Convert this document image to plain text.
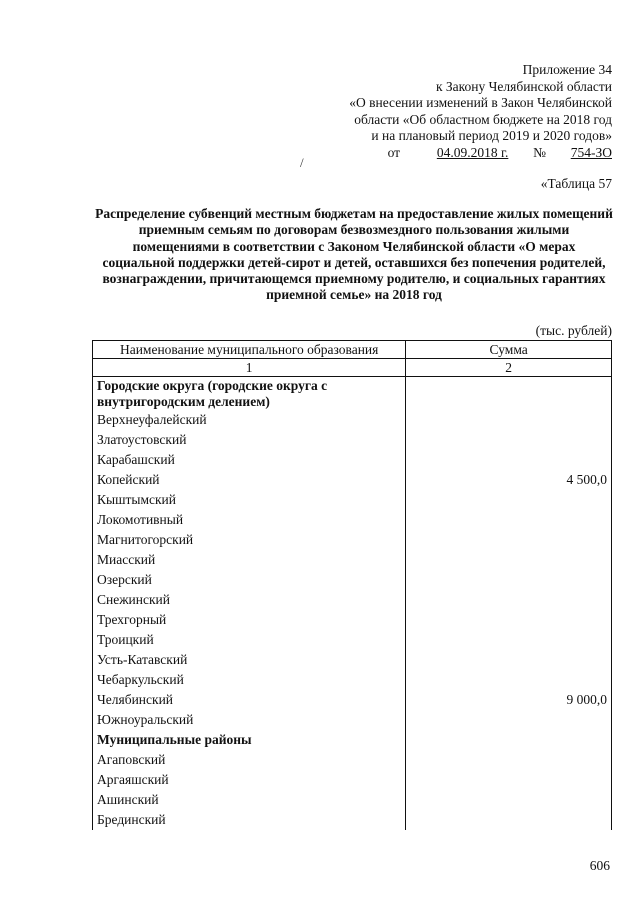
Приложение 34
к Закону Челябинской области
«О внесении изменений в Закон Челябинской
области «Об областном бюджете на 2018 год
и на плановый период 2019 и 2020 годов»
от	04.09.2018 г. № 754-ЗО
/
«Таблица 57
Распределение субвенций местным бюджетам на предоставление жилых помещений приемным семьям по договорам безвозмездного пользования жилыми помещениями в соответствии с Законом Челябинской области «О мерах социальной поддержки детей-сирот и детей, оставшихся без попечения родителей, вознаграждении, причитающемся приемному родителю, и социальных гарантиях приемной семье» на 2018 год
(тыс. рублей)
Наименование муниципального образования	Сумма
1	2
Городские округа (городские округа с внутригородским делением)	
Верхнеуфалейский	
Златоустовский	
Карабашский	
Копейский	4 500,0
Кыштымский	
Локомотивный	
Магнитогорский	
Миасский	
Озерский	
Снежинский	
Трехгорный	
Троицкий	
Усть-Катавский	
Чебаркульский	
Челябинский	9 000,0
Южноуральский	
Муниципальные районы	
Агаповский	
Аргаяшский	
Ашинский	
Брединский	
606
